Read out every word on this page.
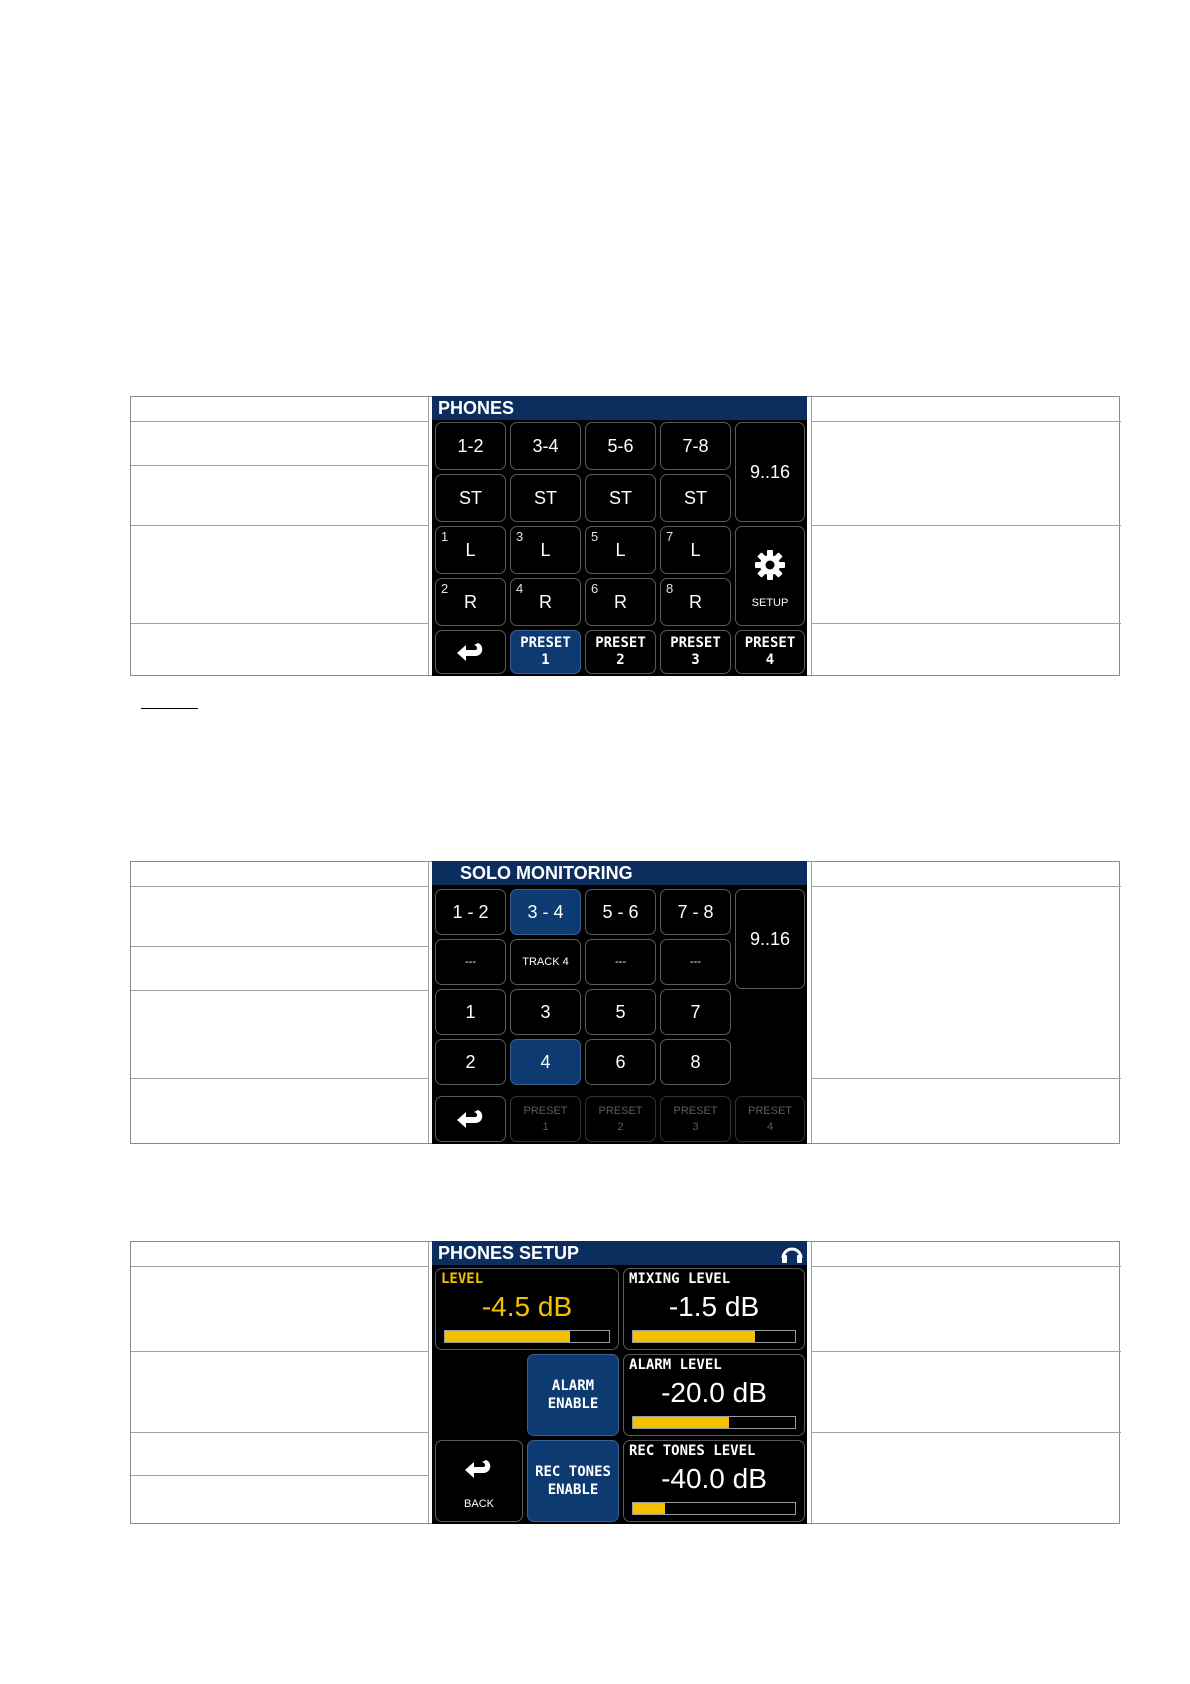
PHONES
1-2	3-4	5-6	7-8
9..16
ST	ST	ST	ST
1
L
3
L
5
L
7
L
SETUP
2
R
4
R
6
R
8
R
PRESET
1
PRESET
2
PRESET
3
PRESET
4
SOLO MONITORING
1 - 2	3 - 4	5 - 6	7 - 8
9..16
---	TRACK 4	---	---
1	3	5	7
2	4	6	8
PRESET
1
PRESET
2
PRESET
3
PRESET
4
PHONES SETUP
LEVEL
-4.5 dB
MIXING LEVEL
-1.5 dB
ALARM
ENABLE
ALARM LEVEL
-20.0 dB
BACK
REC TONES
ENABLE
REC TONES LEVEL
-40.0 dB
